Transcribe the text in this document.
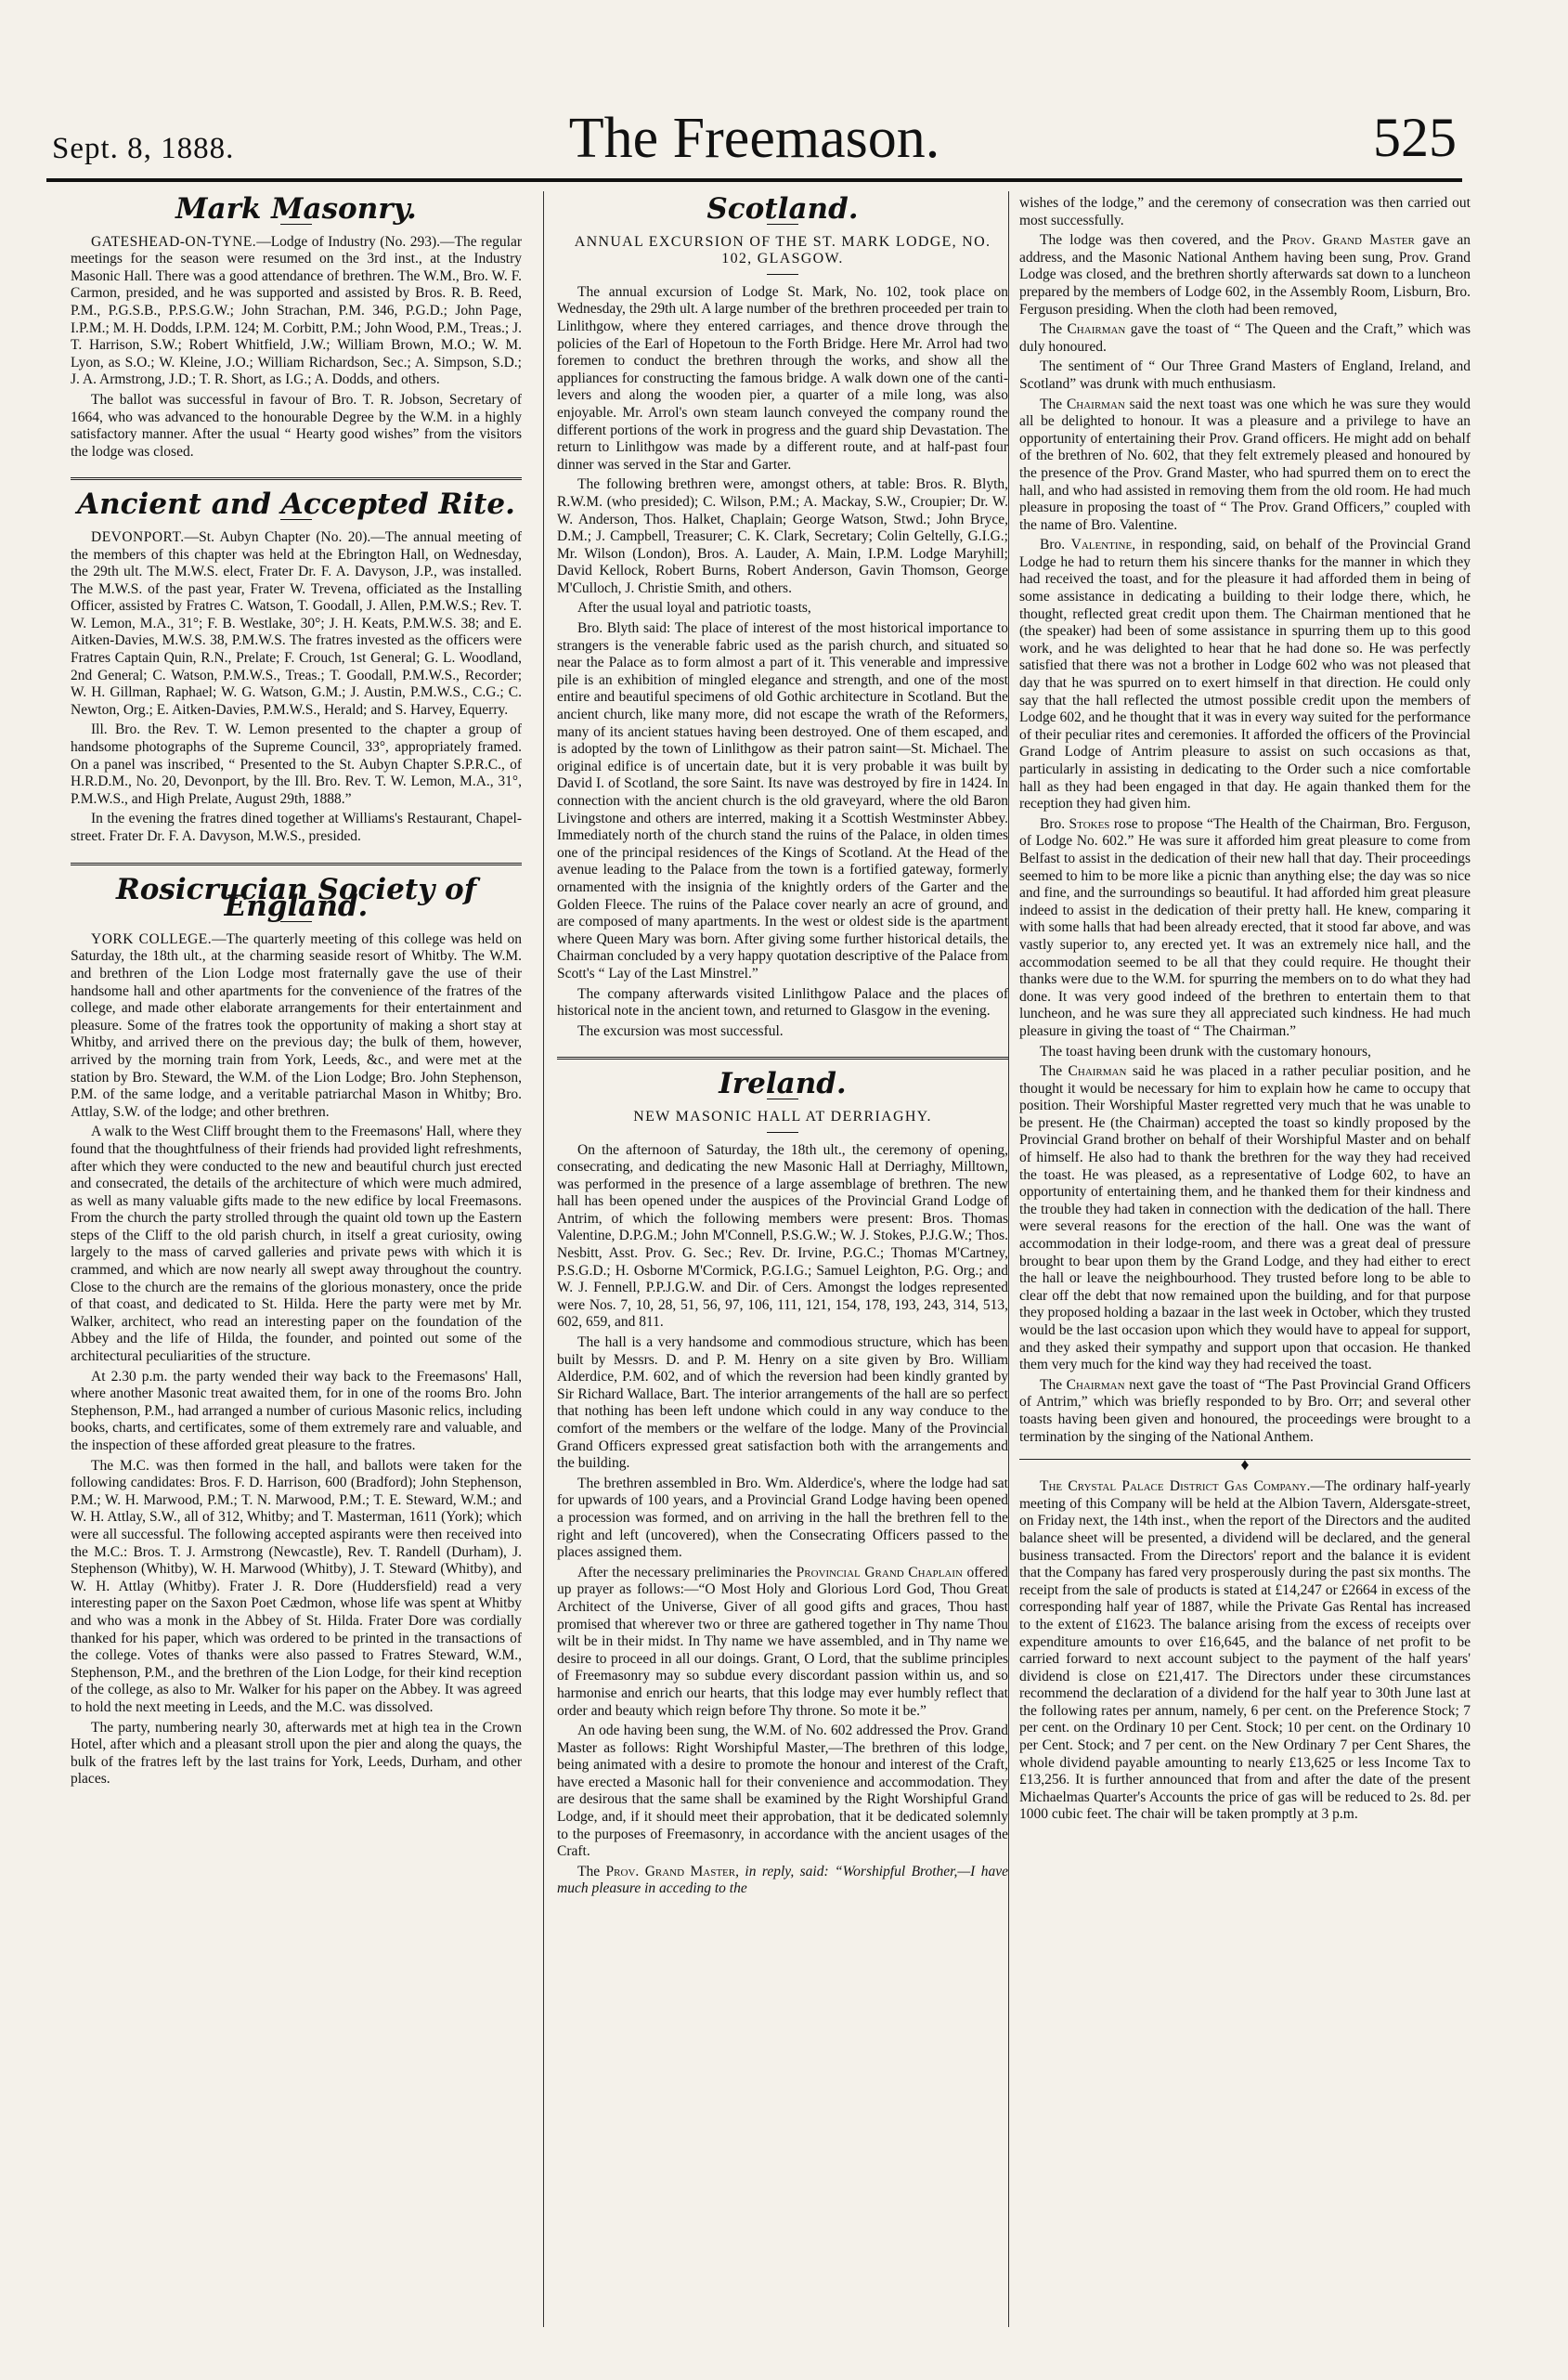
Sept. 8, 1888.	The Freemason.	525
Mark Masonry.

GATESHEAD-ON-TYNE.—Lodge of Industry (No. 293).—The regular meetings for the season were resumed on the 3rd inst., at the Industry Masonic Hall. There was a good attendance of brethren. The W.M., Bro. W. F. Carmon, presided, and he was supported and assisted by Bros. R. B. Reed, P.M., P.G.S.B., P.P.S.G.W.; John Strachan, P.M. 346, P.G.D.; John Page, I.P.M.; M. H. Dodds, I.P.M. 124; M. Corbitt, P.M.; John Wood, P.M., Treas.; J. T. Harrison, S.W.; Robert Whitfield, J.W.; William Brown, M.O.; W. M. Lyon, as S.O.; W. Kleine, J.O.; William Richardson, Sec.; A. Simpson, S.D.; J. A. Armstrong, J.D.; T. R. Short, as I.G.; A. Dodds, and others.

The ballot was successful in favour of Bro. T. R. Jobson, Secretary of 1664, who was advanced to the honourable Degree by the W.M. in a highly satisfactory manner. After the usual “ Hearty good wishes” from the visitors the lodge was closed.

Ancient and Accepted Rite.

DEVONPORT.—St. Aubyn Chapter (No. 20).—The annual meeting of the members of this chapter was held at the Ebrington Hall, on Wednesday, the 29th ult. The M.W.S. elect, Frater Dr. F. A. Davyson, J.P., was installed. The M.W.S. of the past year, Frater W. Trevena, officiated as the Installing Officer, assisted by Fratres C. Watson, T. Goodall, J. Allen, P.M.W.S.; Rev. T. W. Lemon, M.A., 31°; F. B. Westlake, 30°; J. H. Keats, P.M.W.S. 38; and E. Aitken-Davies, M.W.S. 38, P.M.W.S. The fratres invested as the officers were Fratres Captain Quin, R.N., Prelate; F. Crouch, 1st General; G. L. Woodland, 2nd General; C. Watson, P.M.W.S., Treas.; T. Goodall, P.M.W.S., Recorder; W. H. Gillman, Raphael; W. G. Watson, G.M.; J. Austin, P.M.W.S., C.G.; C. Newton, Org.; E. Aitken-Davies, P.M.W.S., Herald; and S. Harvey, Equerry.

Ill. Bro. the Rev. T. W. Lemon presented to the chapter a group of handsome photographs of the Supreme Council, 33°, appropriately framed. On a panel was inscribed, “ Presented to the St. Aubyn Chapter S.P.R.C., of H.R.D.M., No. 20, Devonport, by the Ill. Bro. Rev. T. W. Lemon, M.A., 31°, P.M.W.S., and High Prelate, August 29th, 1888.”

In the evening the fratres dined together at Williams's Restaurant, Chapel-street. Frater Dr. F. A. Davyson, M.W.S., presided.

Rosicrucian Society of England.

YORK COLLEGE.—The quarterly meeting of this college was held on Saturday, the 18th ult., at the charming seaside resort of Whitby. The W.M. and brethren of the Lion Lodge most fraternally gave the use of their handsome hall and other apartments for the convenience of the fratres of the college, and made other elaborate arrangements for their entertainment and pleasure. Some of the fratres took the opportunity of making a short stay at Whitby, and arrived there on the previous day; the bulk of them, however, arrived by the morning train from York, Leeds, &c., and were met at the station by Bro. Steward, the W.M. of the Lion Lodge; Bro. John Stephenson, P.M. of the same lodge, and a veritable patriarchal Mason in Whitby; Bro. Attlay, S.W. of the lodge; and other brethren.

A walk to the West Cliff brought them to the Freemasons' Hall, where they found that the thoughtfulness of their friends had provided light refreshments, after which they were conducted to the new and beautiful church just erected and consecrated, the details of the architecture of which were much admired, as well as many valuable gifts made to the new edifice by local Freemasons. From the church the party strolled through the quaint old town up the Eastern steps of the Cliff to the old parish church, in itself a great curiosity, owing largely to the mass of carved galleries and private pews with which it is crammed, and which are now nearly all swept away throughout the country. Close to the church are the remains of the glorious monastery, once the pride of that coast, and dedicated to St. Hilda. Here the party were met by Mr. Walker, architect, who read an interesting paper on the foundation of the Abbey and the life of Hilda, the founder, and pointed out some of the architectural peculiarities of the structure.

At 2.30 p.m. the party wended their way back to the Freemasons' Hall, where another Masonic treat awaited them, for in one of the rooms Bro. John Stephenson, P.M., had arranged a number of curious Masonic relics, including books, charts, and certificates, some of them extremely rare and valuable, and the inspection of these afforded great pleasure to the fratres.

The M.C. was then formed in the hall, and ballots were taken for the following candidates: Bros. F. D. Harrison, 600 (Bradford); John Stephenson, P.M.; W. H. Marwood, P.M.; T. N. Marwood, P.M.; T. E. Steward, W.M.; and W. H. Attlay, S.W., all of 312, Whitby; and T. Masterman, 1611 (York); which were all successful. The following accepted aspirants were then received into the M.C.: Bros. T. J. Armstrong (Newcastle), Rev. T. Randell (Durham), J. Stephenson (Whitby), W. H. Marwood (Whitby), J. T. Steward (Whitby), and W. H. Attlay (Whitby). Frater J. R. Dore (Huddersfield) read a very interesting paper on the Saxon Poet Cædmon, whose life was spent at Whitby and who was a monk in the Abbey of St. Hilda. Frater Dore was cordially thanked for his paper, which was ordered to be printed in the transactions of the college. Votes of thanks were also passed to Fratres Steward, W.M., Stephenson, P.M., and the brethren of the Lion Lodge, for their kind reception of the college, as also to Mr. Walker for his paper on the Abbey. It was agreed to hold the next meeting in Leeds, and the M.C. was dissolved.

The party, numbering nearly 30, afterwards met at high tea in the Crown Hotel, after which and a pleasant stroll upon the pier and along the quays, the bulk of the fratres left by the last trains for York, Leeds, Durham, and other places.

Scotland.
ANNUAL EXCURSION OF THE ST. MARK LODGE, NO. 102, GLASGOW.

The annual excursion of Lodge St. Mark, No. 102, took place on Wednesday, the 29th ult. A large number of the brethren proceeded per train to Linlithgow, where they entered carriages, and thence drove through the policies of the Earl of Hopetoun to the Forth Bridge. Here Mr. Arrol had two foremen to conduct the brethren through the works, and show all the appliances for constructing the famous bridge. A walk down one of the canti-levers and along the wooden pier, a quarter of a mile long, was also enjoyable. Mr. Arrol's own steam launch conveyed the company round the different portions of the work in progress and the guard ship Devastation. The return to Linlithgow was made by a different route, and at half-past four dinner was served in the Star and Garter.

The following brethren were, amongst others, at table: Bros. R. Blyth, R.W.M. (who presided); C. Wilson, P.M.; A. Mackay, S.W., Croupier; Dr. W. W. Anderson, Thos. Halket, Chaplain; George Watson, Stwd.; John Bryce, D.M.; J. Campbell, Treasurer; C. K. Clark, Secretary; Colin Geltelly, G.I.G.; Mr. Wilson (London), Bros. A. Lauder, A. Main, I.P.M. Lodge Maryhill; David Kellock, Robert Burns, Robert Anderson, Gavin Thomson, George M'Culloch, J. Christie Smith, and others.

After the usual loyal and patriotic toasts,

Bro. Blyth said: The place of interest of the most historical importance to strangers is the venerable fabric used as the parish church, and situated so near the Palace as to form almost a part of it. This venerable and impressive pile is an exhibition of mingled elegance and strength, and one of the most entire and beautiful specimens of old Gothic architecture in Scotland. But the ancient church, like many more, did not escape the wrath of the Reformers, many of its ancient statues having been destroyed. One of them escaped, and is adopted by the town of Linlithgow as their patron saint—St. Michael. The original edifice is of uncertain date, but it is very probable it was built by David I. of Scotland, the sore Saint. Its nave was destroyed by fire in 1424. In connection with the ancient church is the old graveyard, where the old Baron Livingstone and others are interred, making it a Scottish Westminster Abbey. Immediately north of the church stand the ruins of the Palace, in olden times one of the principal residences of the Kings of Scotland. At the Head of the avenue leading to the Palace from the town is a fortified gateway, formerly ornamented with the insignia of the knightly orders of the Garter and the Golden Fleece. The ruins of the Palace cover nearly an acre of ground, and are composed of many apartments. In the west or oldest side is the apartment where Queen Mary was born. After giving some further historical details, the Chairman concluded by a very happy quotation descriptive of the Palace from Scott's “ Lay of the Last Minstrel.”

The company afterwards visited Linlithgow Palace and the places of historical note in the ancient town, and returned to Glasgow in the evening.

The excursion was most successful.

Ireland.
NEW MASONIC HALL AT DERRIAGHY.

On the afternoon of Saturday, the 18th ult., the ceremony of opening, consecrating, and dedicating the new Masonic Hall at Derriaghy, Milltown, was performed in the presence of a large assemblage of brethren. The new hall has been opened under the auspices of the Provincial Grand Lodge of Antrim, of which the following members were present: Bros. Thomas Valentine, D.P.G.M.; John M'Connell, P.S.G.W.; W. J. Stokes, P.J.G.W.; Thos. Nesbitt, Asst. Prov. G. Sec.; Rev. Dr. Irvine, P.G.C.; Thomas M'Cartney, P.S.G.D.; H. Osborne M'Cormick, P.G.I.G.; Samuel Leighton, P.G. Org.; and W. J. Fennell, P.P.J.G.W. and Dir. of Cers. Amongst the lodges represented were Nos. 7, 10, 28, 51, 56, 97, 106, 111, 121, 154, 178, 193, 243, 314, 513, 602, 659, and 811.

The hall is a very handsome and commodious structure, which has been built by Messrs. D. and P. M. Henry on a site given by Bro. William Alderdice, P.M. 602, and of which the reversion had been kindly granted by Sir Richard Wallace, Bart. The interior arrangements of the hall are so perfect that nothing has been left undone which could in any way conduce to the comfort of the members or the welfare of the lodge. Many of the Provincial Grand Officers expressed great satisfaction both with the arrangements and the building.

The brethren assembled in Bro. Wm. Alderdice's, where the lodge had sat for upwards of 100 years, and a Provincial Grand Lodge having been opened a procession was formed, and on arriving in the hall the brethren fell to the right and left (uncovered), when the Consecrating Officers passed to the places assigned them.

After the necessary preliminaries the Provincial Grand Chaplain offered up prayer as follows:—“O Most Holy and Glorious Lord God, Thou Great Architect of the Universe, Giver of all good gifts and graces, Thou hast promised that wherever two or three are gathered together in Thy name Thou wilt be in their midst. In Thy name we have assembled, and in Thy name we desire to proceed in all our doings. Grant, O Lord, that the sublime principles of Freemasonry may so subdue every discordant passion within us, and so harmonise and enrich our hearts, that this lodge may ever humbly reflect that order and beauty which reign before Thy throne. So mote it be.”

An ode having been sung, the W.M. of No. 602 addressed the Prov. Grand Master as follows: Right Worshipful Master,—The brethren of this lodge, being animated with a desire to promote the honour and interest of the Craft, have erected a Masonic hall for their convenience and accommodation. They are desirous that the same shall be examined by the Right Worshipful Grand Lodge, and, if it should meet their approbation, that it be dedicated solemnly to the purposes of Freemasonry, in accordance with the ancient usages of the Craft.

The Prov. Grand Master, in reply, said: “Worshipful Brother,—I have much pleasure in acceding to the

wishes of the lodge,” and the ceremony of consecration was then carried out most successfully.

The lodge was then covered, and the Prov. Grand Master gave an address, and the Masonic National Anthem having been sung, Prov. Grand Lodge was closed, and the brethren shortly afterwards sat down to a luncheon prepared by the members of Lodge 602, in the Assembly Room, Lisburn, Bro. Ferguson presiding. When the cloth had been removed,

The Chairman gave the toast of “ The Queen and the Craft,” which was duly honoured.

The sentiment of “ Our Three Grand Masters of England, Ireland, and Scotland” was drunk with much enthusiasm.

The Chairman said the next toast was one which he was sure they would all be delighted to honour. It was a pleasure and a privilege to have an opportunity of entertaining their Prov. Grand officers. He might add on behalf of the brethren of No. 602, that they felt extremely pleased and honoured by the presence of the Prov. Grand Master, who had spurred them on to erect the hall, and who had assisted in removing them from the old room. He had much pleasure in proposing the toast of “ The Prov. Grand Officers,” coupled with the name of Bro. Valentine.

Bro. Valentine, in responding, said, on behalf of the Provincial Grand Lodge he had to return them his sincere thanks for the manner in which they had received the toast, and for the pleasure it had afforded them in being of some assistance in dedicating a building to their lodge there, which, he thought, reflected great credit upon them. The Chairman mentioned that he (the speaker) had been of some assistance in spurring them up to this good work, and he was delighted to hear that he had done so. He was perfectly satisfied that there was not a brother in Lodge 602 who was not pleased that day that he was spurred on to exert himself in that direction. He could only say that the hall reflected the utmost possible credit upon the members of Lodge 602, and he thought that it was in every way suited for the performance of their peculiar rites and ceremonies. It afforded the officers of the Provincial Grand Lodge of Antrim pleasure to assist on such occasions as that, particularly in assisting in dedicating to the Order such a nice comfortable hall as they had been engaged in that day. He again thanked them for the reception they had given him.

Bro. Stokes rose to propose “The Health of the Chairman, Bro. Ferguson, of Lodge No. 602.” He was sure it afforded him great pleasure to come from Belfast to assist in the dedication of their new hall that day. Their proceedings seemed to him to be more like a picnic than anything else; the day was so nice and fine, and the surroundings so beautiful. It had afforded him great pleasure indeed to assist in the dedication of their pretty hall. He knew, comparing it with some halls that had been already erected, that it stood far above, and was vastly superior to, any erected yet. It was an extremely nice hall, and the accommodation seemed to be all that they could require. He thought their thanks were due to the W.M. for spurring the members on to do what they had done. It was very good indeed of the brethren to entertain them to that luncheon, and he was sure they all appreciated such kindness. He had much pleasure in giving the toast of “ The Chairman.”

The toast having been drunk with the customary honours,

The Chairman said he was placed in a rather peculiar position, and he thought it would be necessary for him to explain how he came to occupy that position. Their Worshipful Master regretted very much that he was unable to be present. He (the Chairman) accepted the toast so kindly proposed by the Provincial Grand brother on behalf of their Worshipful Master and on behalf of himself. He also had to thank the brethren for the way they had received the toast. He was pleased, as a representative of Lodge 602, to have an opportunity of entertaining them, and he thanked them for their kindness and the trouble they had taken in connection with the dedication of the hall. There were several reasons for the erection of the hall. One was the want of accommodation in their lodge-room, and there was a great deal of pressure brought to bear upon them by the Grand Lodge, and they had either to erect the hall or leave the neighbourhood. They trusted before long to be able to clear off the debt that now remained upon the building, and for that purpose they proposed holding a bazaar in the last week in October, which they trusted would be the last occasion upon which they would have to appeal for support, and they asked their sympathy and support upon that occasion. He thanked them very much for the kind way they had received the toast.

The Chairman next gave the toast of “The Past Provincial Grand Officers of Antrim,” which was briefly responded to by Bro. Orr; and several other toasts having been given and honoured, the proceedings were brought to a termination by the singing of the National Anthem.

♦

The Crystal Palace District Gas Company.—The ordinary half-yearly meeting of this Company will be held at the Albion Tavern, Aldersgate-street, on Friday next, the 14th inst., when the report of the Directors and the audited balance sheet will be presented, a dividend will be declared, and the general business transacted. From the Directors' report and the balance it is evident that the Company has fared very prosperously during the past six months. The receipt from the sale of products is stated at £14,247 or £2664 in excess of the corresponding half year of 1887, while the Private Gas Rental has increased to the extent of £1623. The balance arising from the excess of receipts over expenditure amounts to over £16,645, and the balance of net profit to be carried forward to next account subject to the payment of the half years' dividend is close on £21,417. The Directors under these circumstances recommend the declaration of a dividend for the half year to 30th June last at the following rates per annum, namely, 6 per cent. on the Preference Stock; 7 per cent. on the Ordinary 10 per Cent. Stock; 10 per cent. on the Ordinary 10 per Cent. Stock; and 7 per cent. on the New Ordinary 7 per Cent Shares, the whole dividend payable amounting to nearly £13,625 or less Income Tax to £13,256. It is further announced that from and after the date of the present Michaelmas Quarter's Accounts the price of gas will be reduced to 2s. 8d. per 1000 cubic feet. The chair will be taken promptly at 3 p.m.
